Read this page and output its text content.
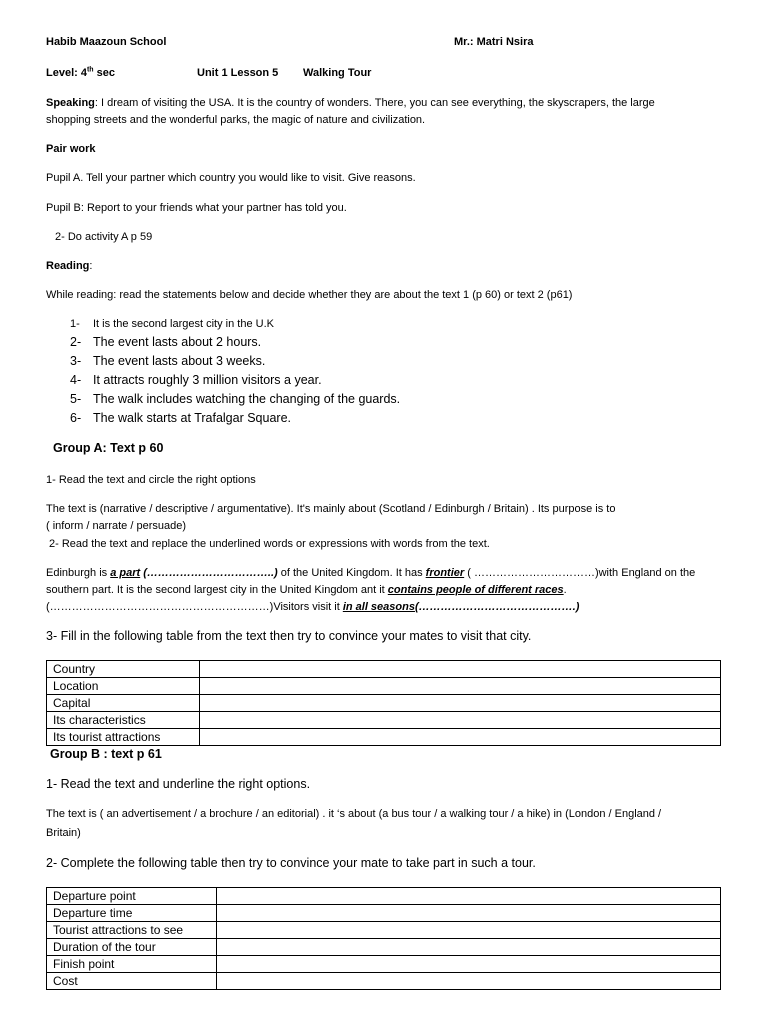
Habib Maazoun School	Mr.: Matri Nsira
Level: 4th sec	Unit 1 Lesson 5 Walking Tour
Speaking: I dream of visiting the USA. It is the country of wonders. There, you can see everything, the skyscrapers, the large
shopping streets and the wonderful parks, the magic of nature and civilization.
Pair work
Pupil A. Tell your partner which country you would like to visit. Give reasons.
Pupil B: Report to your friends what your partner has told you.
2- Do activity A p 59
Reading:
While reading: read the statements below and decide whether they are about the text 1 (p 60) or text 2 (p61)
1- It is the second largest city in the U.K
2- The event lasts about 2 hours.
3- The event lasts about 3 weeks.
4- It attracts roughly 3 million visitors a year.
5- The walk includes watching the changing of the guards.
6- The walk starts at Trafalgar Square.
Group A: Text p 60
1- Read the text and circle the right options
The text is (narrative / descriptive / argumentative). It's mainly about (Scotland / Edinburgh / Britain) . Its purpose is to
( inform / narrate / persuade)
2- Read the text and replace the underlined words or expressions with words from the text.
Edinburgh is a part (……………………………..) of the United Kingdom. It has frontier ( ……………………………)with England on the
southern part. It is the second largest city in the United Kingdom ant it contains people of different races.
(……………………………………………………)Visitors visit it in all seasons(…………………………………….)
3- Fill in the following table from the text then try to convince your mates to visit that city.
Country	
Location	
Capital	
Its characteristics	
Its tourist attractions	
Group B : text p 61
1- Read the text and underline the right options.
The text is ( an advertisement / a brochure / an editorial) . it ‘s about (a bus tour / a walking tour / a hike) in (London / England /
Britain)
2- Complete the following table then try to convince your mate to take part in such a tour.
Departure point	
Departure time	
Tourist attractions to see	
Duration of the tour	
Finish point	
Cost	
